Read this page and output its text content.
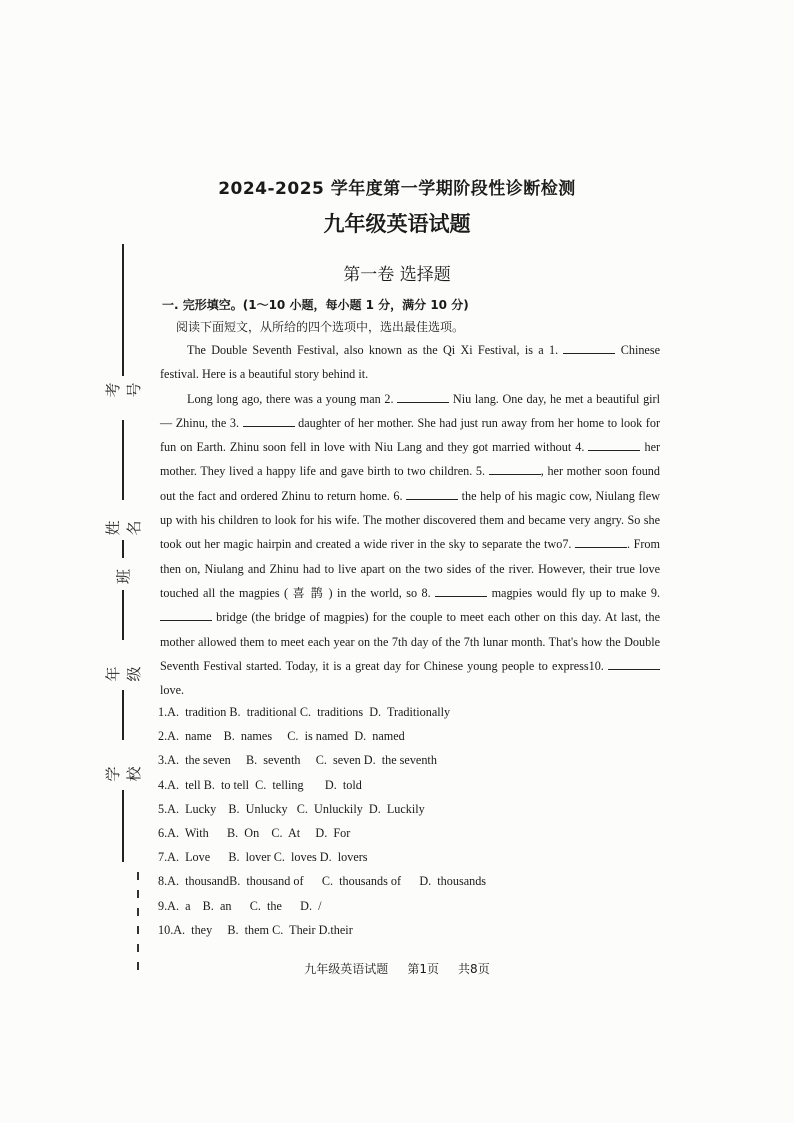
考号
姓名
班
年级
学校
2024-2025 学年度第一学期阶段性诊断检测
九年级英语试题
第一卷 选择题
一. 完形填空。(1～10 小题，每小题 1 分，满分 10 分)
阅读下面短文，从所给的四个选项中，选出最佳选项。

The Double Seventh Festival, also known as the Qi Xi Festival, is a 1.	Chinese festival. Here is a beautiful story behind it.

Long long ago, there was a young man 2.	Niu lang. One day, he met a beautiful girl — Zhinu, the 3.	daughter of her mother. She had just run away from her home to look for fun on Earth. Zhinu soon fell in love with Niu Lang and they got married without 4.	her mother. They lived a happy life and gave birth to two children. 5.	, her mother soon found out the fact and ordered Zhinu to return home. 6.	the help of his magic cow, Niulang flew up with his children to look for his wife. The mother discovered them and became very angry. So she took out her magic hairpin and created a wide river in the sky to separate the two7.	. From then on, Niulang and Zhinu had to live apart on the two sides of the river. However, their true love touched all the magpies ( 喜 鹊 ) in the world, so 8.	magpies would fly up to make 9.  bridge (the bridge of magpies) for the couple to meet each other on this day. At last, the mother allowed them to meet each year on the 7th day of the 7th lunar month. That's how the Double Seventh Festival started. Today, it is a great day for Chinese young people to express10.  love.

1.A.  tradition B.  traditional C.  traditions  D.  Traditionally
2.A.  name    B.  names     C.  is named  D.  named
3.A.  the seven     B.  seventh     C.  seven D.  the seventh
4.A.  tell B.  to tell  C.  telling       D.  told
5.A.  Lucky    B.  Unlucky   C.  Unluckily  D.  Luckily
6.A.  With      B.  On    C.  At     D.  For
7.A.  Love      B.  lover C.  loves D.  lovers
8.A.  thousandB.  thousand of      C.  thousands of      D.  thousands
9.A.  a    B.  an      C.  the      D.  /
10.A.  they     B.  them C.  Their D.their
九年级英语试题     第1页     共8页
